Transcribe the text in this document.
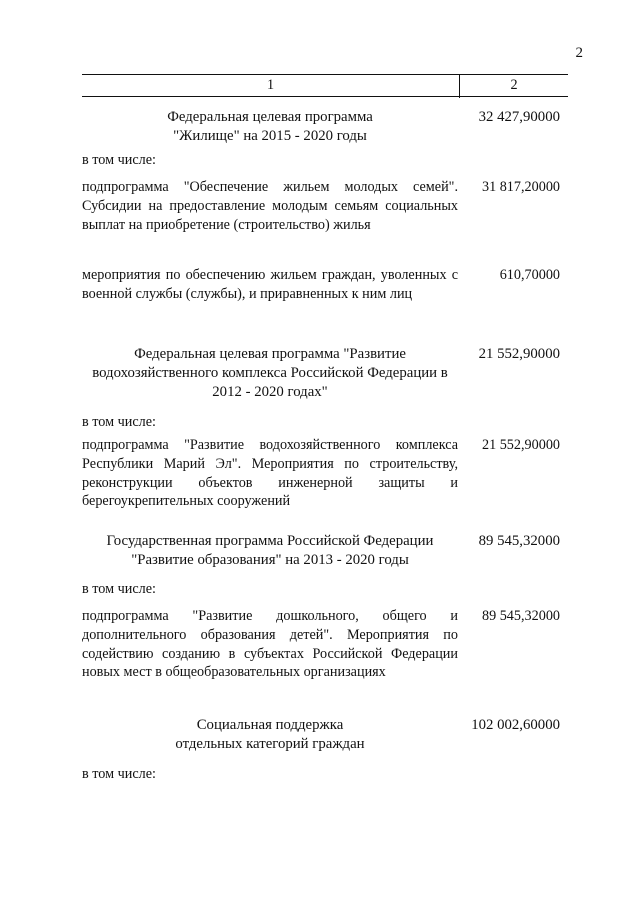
2
1	2
Федеральная целевая программа "Жилище" на 2015 - 2020 годы
32 427,90000
в том числе:
подпрограмма "Обеспечение жильем молодых семей". Субсидии на предоставление молодым семьям социальных выплат на приобретение (строительство) жилья
31 817,20000
мероприятия по обеспечению жильем граждан, уволенных с военной службы (службы), и приравненных к ним лиц
610,70000
Федеральная целевая программа "Развитие водохозяйственного комплекса Российской Федерации в 2012 - 2020 годах"
21 552,90000
в том числе:
подпрограмма "Развитие водохозяйственного комплекса Республики Марий Эл". Мероприятия по строительству, реконструкции объектов инженерной защиты и берегоукрепительных сооружений
21 552,90000
Государственная программа Российской Федерации "Развитие образования" на 2013 - 2020 годы
89 545,32000
в том числе:
подпрограмма "Развитие дошкольного, общего и дополнительного образования детей". Мероприятия по содействию созданию в субъектах Российской Федерации новых мест в общеобразовательных организациях
89 545,32000
Социальная поддержка отдельных категорий граждан
102 002,60000
в том числе:
